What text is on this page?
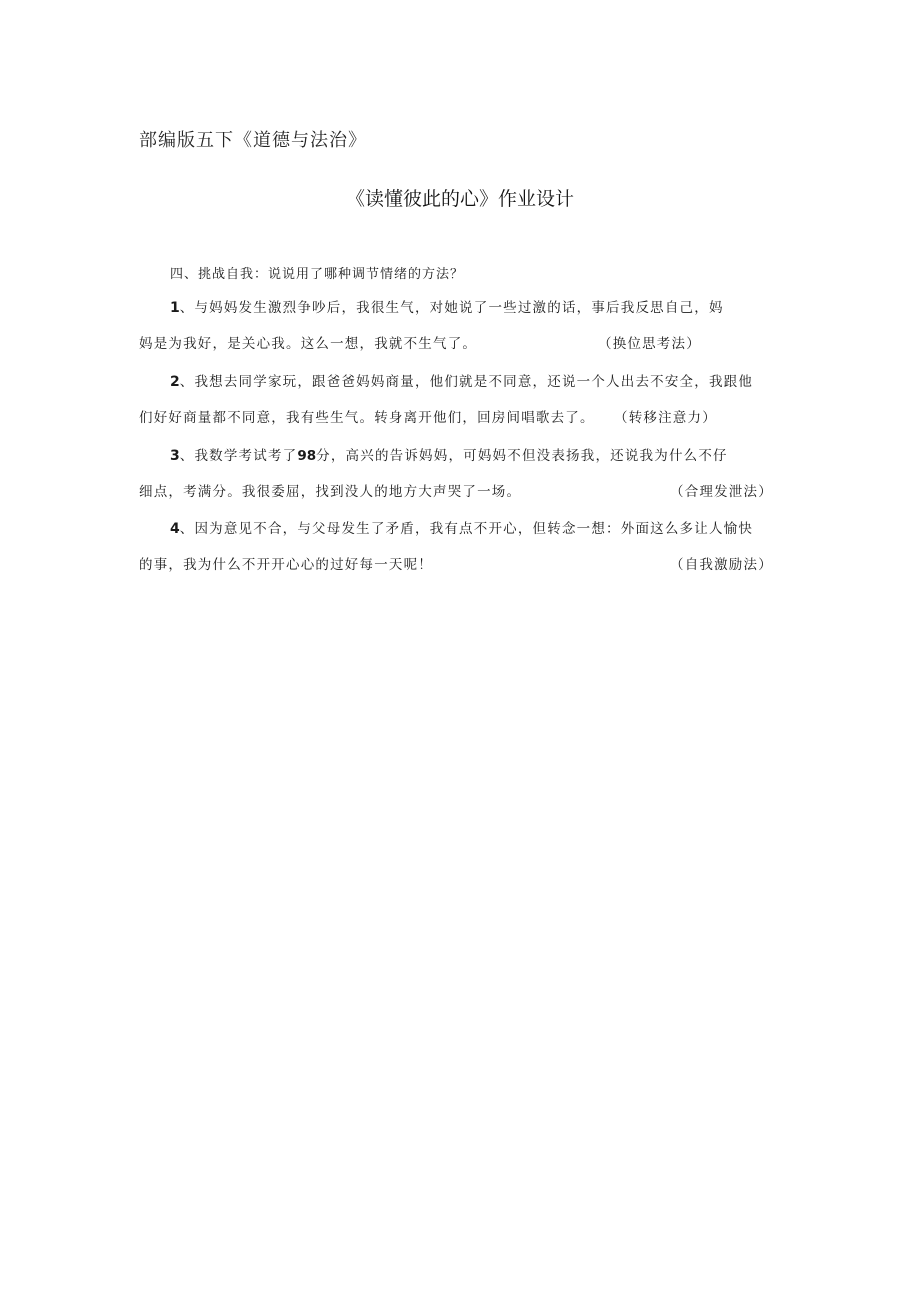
部编版五下《道德与法治》
《读懂彼此的心》作业设计
四、挑战自我：说说用了哪种调节情绪的方法？
1、与妈妈发生激烈争吵后，我很生气，对她说了一些过激的话，事后我反思自己，妈
妈是为我好，是关心我。这么一想，我就不生气了。	（换位思考法）
2、我想去同学家玩，跟爸爸妈妈商量，他们就是不同意，还说一个人出去不安全，我跟他
们好好商量都不同意，我有些生气。转身离开他们，回房间唱歌去了。 （转移注意力）
3、我数学考试考了98分，高兴的告诉妈妈，可妈妈不但没表扬我，还说我为什么不仔
细点，考满分。我很委屈，找到没人的地方大声哭了一场。	（合理发泄法）
4、因为意见不合，与父母发生了矛盾，我有点不开心，但转念一想：外面这么多让人愉快
的事，我为什么不开开心心的过好每一天呢！	（自我激励法）
